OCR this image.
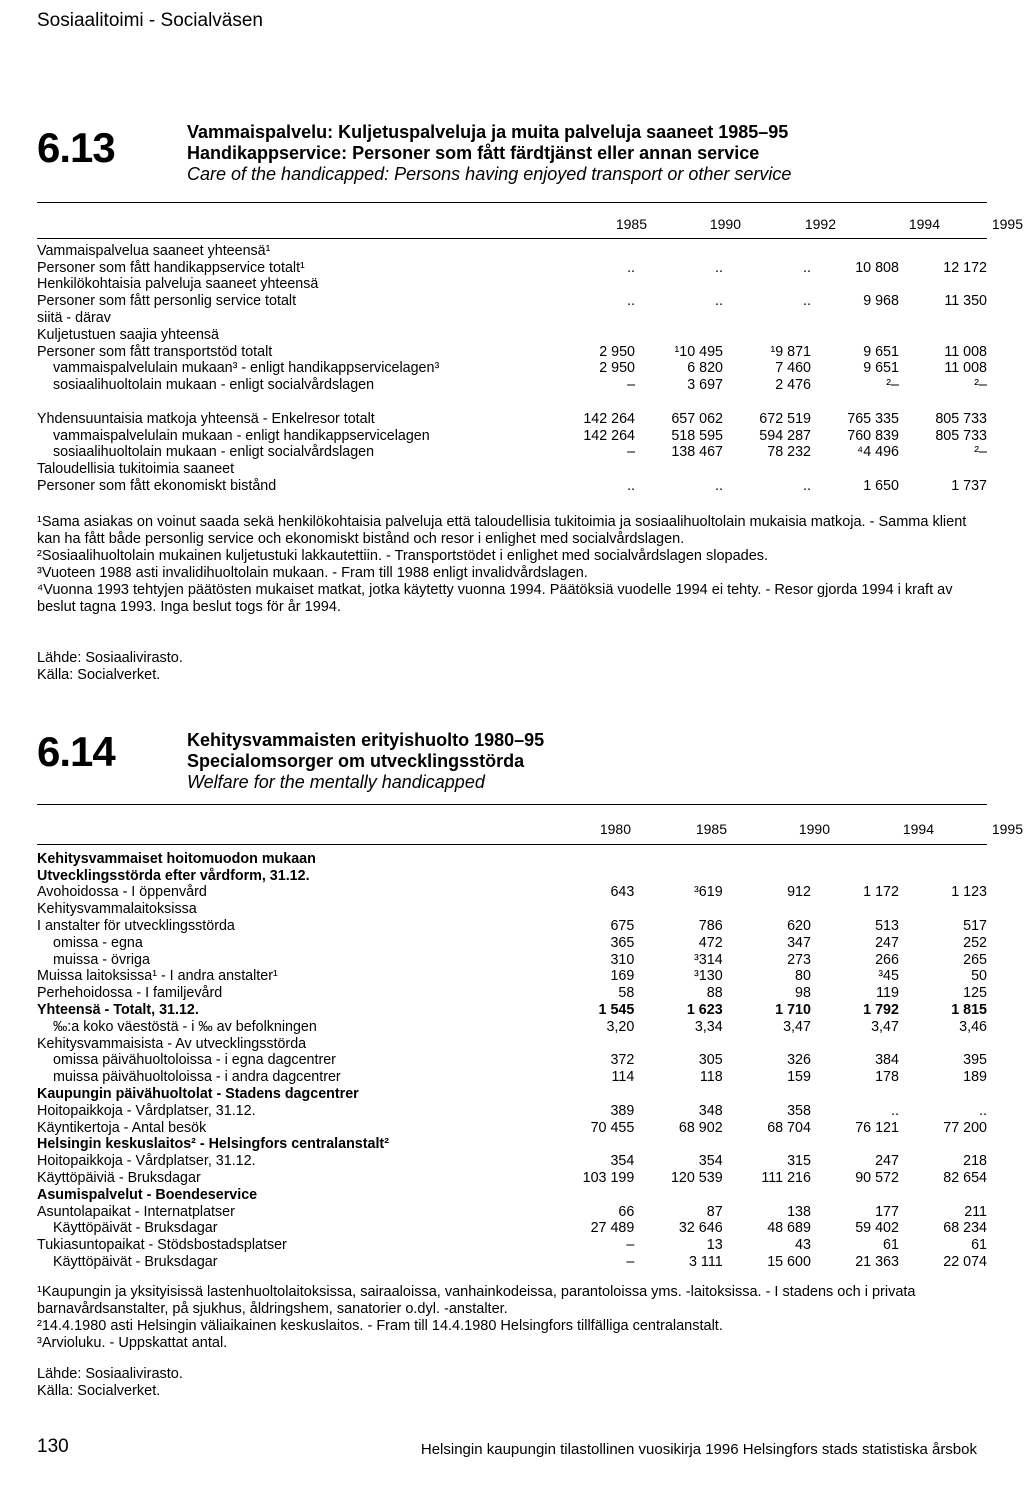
Sosiaalitoimi - Socialväsen
6.13	Vammaispalvelu: Kuljetuspalveluja ja muita palveluja saaneet 1985–95
Handikappservice: Personer som fått färdtjänst eller annan service
Care of the handicapped: Persons having enjoyed transport or other service
1985	1990	1992	1994	1995
Vammaispalvelua saaneet yhteensä¹					
Personer som fått handikappservice totalt¹	..	..	..	10 808	12 172
Henkilökohtaisia palveluja saaneet yhteensä					
Personer som fått personlig service totalt	..	..	..	9 968	11 350
siitä - därav					
Kuljetustuen saajia yhteensä					
Personer som fått transportstöd totalt	2 950	¹10 495	¹9 871	9 651	11 008
vammaispalvelulain mukaan³ - enligt handikappservicelagen³	2 950	6 820	7 460	9 651	11 008
sosiaalihuoltolain mukaan - enligt socialvårdslagen	–	3 697	2 476	²–	²–

Yhdensuuntaisia matkoja yhteensä - Enkelresor totalt	142 264	657 062	672 519	765 335	805 733
vammaispalvelulain mukaan - enligt handikappservicelagen	142 264	518 595	594 287	760 839	805 733
sosiaalihuoltolain mukaan - enligt socialvårdslagen	–	138 467	78 232	⁴4 496	²–
Taloudellisia tukitoimia saaneet					
Personer som fått ekonomiskt bistånd	..	..	..	1 650	1 737

¹Sama asiakas on voinut saada sekä henkilökohtaisia palveluja että taloudellisia tukitoimia ja sosiaalihuoltolain mukaisia matkoja. - Samma klient kan ha fått både personlig service och ekonomiskt bistånd och resor i enlighet med socialvårdslagen.

²Sosiaalihuoltolain mukainen kuljetustuki lakkautettiin. - Transportstödet i enlighet med socialvårdslagen slopades.

³Vuoteen 1988 asti invalidihuoltolain mukaan. - Fram till 1988 enligt invalidvårdslagen.

⁴Vuonna 1993 tehtyjen päätösten mukaiset matkat, jotka käytetty vuonna 1994. Päätöksiä vuodelle 1994 ei tehty. - Resor gjorda 1994 i kraft av beslut tagna 1993. Inga beslut togs för år 1994.

Lähde: Sosiaalivirasto.
Källa: Socialverket.
6.14	Kehitysvammaisten erityishuolto 1980–95
Specialomsorger om utvecklingsstörda
Welfare for the mentally handicapped
1980	1985	1990	1994	1995
Kehitysvammaiset hoitomuodon mukaan					
Utvecklingsstörda efter vårdform, 31.12.					
Avohoidossa - I öppenvård	643	³619	912	1 172	1 123
Kehitysvammalaitoksissa					
I anstalter för utvecklingsstörda	675	786	620	513	517
omissa - egna	365	472	347	247	252
muissa - övriga	310	³314	273	266	265
Muissa laitoksissa¹ - I andra anstalter¹	169	³130	80	³45	50
Perhehoidossa - I familjevård	58	88	98	119	125
Yhteensä - Totalt, 31.12.	1 545	1 623	1 710	1 792	1 815
‰:a koko väestöstä - i ‰ av befolkningen	3,20	3,34	3,47	3,47	3,46
Kehitysvammaisista - Av utvecklingsstörda					
omissa päivähuoltoloissa - i egna dagcentrer	372	305	326	384	395
muissa päivähuoltoloissa - i andra dagcentrer	114	118	159	178	189
Kaupungin päivähuoltolat - Stadens dagcentrer					
Hoitopaikkoja - Vårdplatser, 31.12.	389	348	358	..	..
Käyntikertoja - Antal besök	70 455	68 902	68 704	76 121	77 200
Helsingin keskuslaitos² - Helsingfors centralanstalt²					
Hoitopaikkoja - Vårdplatser, 31.12.	354	354	315	247	218
Käyttöpäiviä - Bruksdagar	103 199	120 539	111 216	90 572	82 654
Asumispalvelut - Boendeservice					
Asuntolapaikat - Internatplatser	66	87	138	177	211
Käyttöpäivät - Bruksdagar	27 489	32 646	48 689	59 402	68 234
Tukiasuntopaikat - Stödsbostadsplatser	–	13	43	61	61
Käyttöpäivät - Bruksdagar	–	3 111	15 600	21 363	22 074

¹Kaupungin ja yksityisissä lastenhuoltolaitoksissa, sairaaloissa, vanhainkodeissa, parantoloissa yms. -laitoksissa. - I stadens och i privata barnavårdsanstalter, på sjukhus, åldringshem, sanatorier o.dyl. -anstalter.

²14.4.1980 asti Helsingin väliaikainen keskuslaitos. - Fram till 14.4.1980 Helsingfors tillfälliga centralanstalt.

³Arvioluku. - Uppskattat antal.

Lähde: Sosiaalivirasto.
Källa: Socialverket.
130	Helsingin kaupungin tilastollinen vuosikirja 1996 Helsingfors stads statistiska årsbok
